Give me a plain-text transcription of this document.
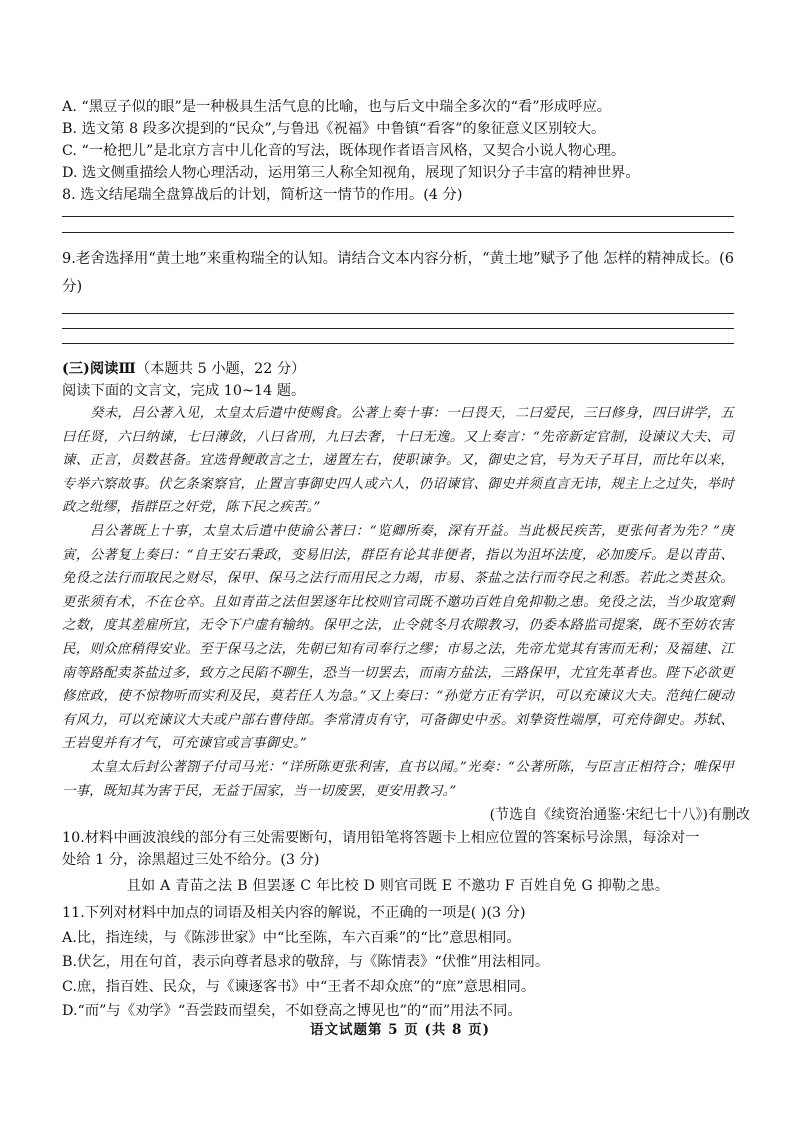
A. “黑豆子似的眼”是一种极具生活气息的比喻，也与后文中瑞全多次的“看”形成呼应。
B. 选文第 8 段多次提到的“民众”,与鲁迅《祝福》中鲁镇“看客”的象征意义区别较大。
C. “一枪把儿”是北京方言中儿化音的写法，既体现作者语言风格，又契合小说人物心理。
D. 选文侧重描绘人物心理活动，运用第三人称全知视角，展现了知识分子丰富的精神世界。
8. 选文结尾瑞全盘算战后的计划，简析这一情节的作用。(4 分)
9.老舍选择用“黄土地”来重构瑞全的认知。请结合文本内容分析，“黄土地”赋予了他 怎样的精神成长。(6 分)
(三)阅读Ⅲ（本题共 5 小题，22 分）
阅读下面的文言文，完成 10~14 题。

癸未，吕公著入见，太皇太后遣中使赐食。公著上奏十事：一曰畏天，二曰爱民，三曰修身，四曰讲学，五曰任贤，六曰纳谏，七曰薄敛，八曰省刑，九曰去奢，十曰无逸。又上奏言：“先帝新定官制，设谏议大夫、司谏、正言，员数甚备。宜选骨鲠敢言之士，递置左右，使职谏争。又，御史之官，号为天子耳目，而比年以来，专举六察故事。伏乞条案察官，止置言事御史四人或六人，仍诏谏官、御史并须直言无讳，规主上之过失，举时政之纰缪，指群臣之奸党，陈下民之疾苦。”

吕公著既上十事，太皇太后遣中使谕公著曰：“览卿所奏，深有开益。当此极民疾苦，更张何者为先？”庚寅，公著复上奏曰：“自王安石秉政，变易旧法，群臣有论其非便者，指以为沮坏法度，必加废斥。是以青苗、免役之法行而取民之财尽，保甲、保马之法行而用民之力竭，市易、茶盐之法行而夺民之利悉。若此之类甚众。更张须有术，不在仓卒。且如青苗之法但罢逐年比校则官司既不邀功百姓自免抑勒之患。免役之法，当少取宽剩之数，度其差雇所宜，无令下户虚有输纳。保甲之法，止令就冬月农隙教习，仍委本路监司提案，既不至妨农害民，则众庶稍得安业。至于保马之法，先朝已知有司奉行之缪；市易之法，先帝尤觉其有害而无利；及福建、江南等路配卖茶盐过多，致方之民陷不聊生，恐当一切罢去，而南方盐法，三路保甲，尤宜先革者也。陛下必欲更修庶政，使不惊物听而实利及民，莫若任人为急。”又上奏曰：“孙觉方正有学识，可以充谏议大夫。范纯仁硬动有风力，可以充谏议大夫或户部右曹侍郎。李常清贞有守，可备御史中丞。刘挚资性端厚，可充侍御史。苏轼、王岩叟并有才气，可充谏官或言事御史。”

太皇太后封公著劄子付司马光：“详所陈更张利害，直书以闻。”光奏：“公著所陈，与臣言正相符合；唯保甲一事，既知其为害于民，无益于国家，当一切废罢，更安用教习。”

(节选自《续资治通鉴·宋纪七十八》)有删改
10.材料中画波浪线的部分有三处需要断句，请用铅笔将答题卡上相应位置的答案标号涂黑，每涂对一
处给 1 分，涂黑超过三处不给分。(3 分)
且如 A 青苗之法 B 但罢逐 C 年比校 D 则官司既 E 不邀功 F 百姓自免 G 抑勒之患。
11.下列对材料中加点的词语及相关内容的解说，不正确的一项是( )(3 分)
A.比，指连续，与《陈涉世家》中“比至陈，车六百乘”的“比”意思相同。
B.伏乞，用在句首，表示向尊者恳求的敬辞，与《陈情表》“伏惟”用法相同。
C.庶，指百姓、民众，与《谏逐客书》中“王者不却众庶”的“庶”意思相同。
D.“而”与《劝学》“吾尝跂而望矣，不如登高之博见也”的“而”用法不同。
语文试题第 5 页 (共 8 页)
